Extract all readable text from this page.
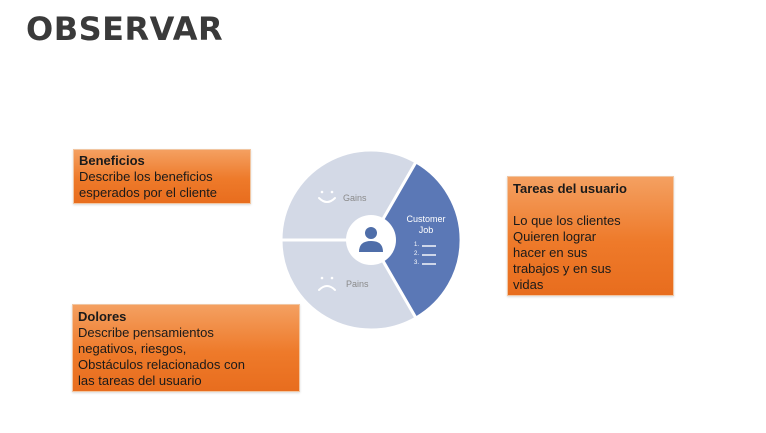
OBSERVAR
Beneficios
Describe los beneficios
esperados por el cliente
Dolores
Describe pensamientos
negativos, riesgos,
Obstáculos relacionados con
las tareas del usuario
Tareas del usuario
Lo que los clientes
Quieren lograr
hacer en sus
trabajos y en sus
vidas
Gains
Pains
Customer
Job
1.
2.
3.
